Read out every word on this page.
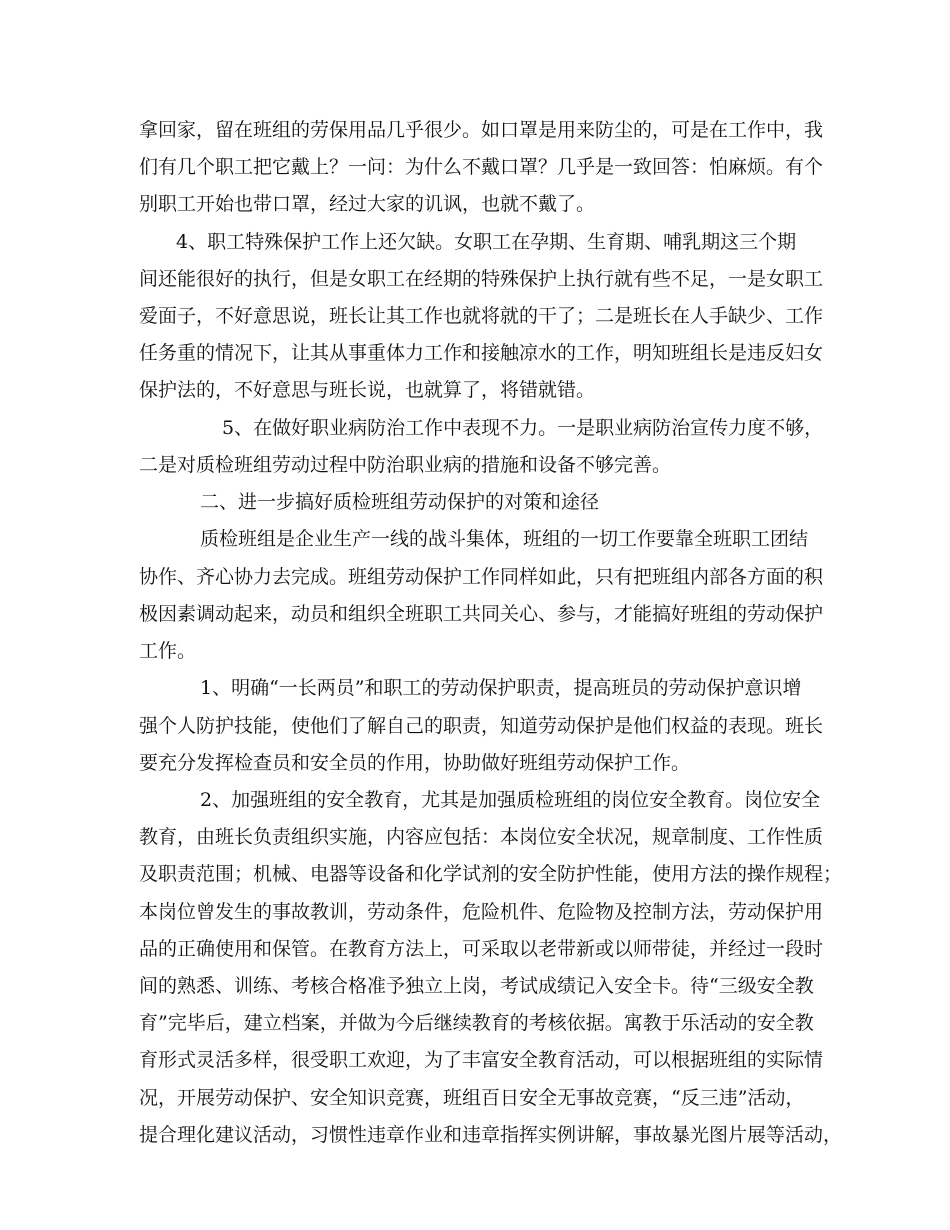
拿回家，留在班组的劳保用品几乎很少。如口罩是用来防尘的，可是在工作中，我
们有几个职工把它戴上？一问：为什么不戴口罩？几乎是一致回答：怕麻烦。有个
别职工开始也带口罩，经过大家的讥讽，也就不戴了。
4、职工特殊保护工作上还欠缺。女职工在孕期、生育期、哺乳期这三个期
间还能很好的执行，但是女职工在经期的特殊保护上执行就有些不足，一是女职工
爱面子，不好意思说，班长让其工作也就将就的干了；二是班长在人手缺少、工作
任务重的情况下，让其从事重体力工作和接触凉水的工作，明知班组长是违反妇女
保护法的，不好意思与班长说，也就算了，将错就错。
5、在做好职业病防治工作中表现不力。一是职业病防治宣传力度不够，
二是对质检班组劳动过程中防治职业病的措施和设备不够完善。
二、进一步搞好质检班组劳动保护的对策和途径
质检班组是企业生产一线的战斗集体，班组的一切工作要靠全班职工团结
协作、齐心协力去完成。班组劳动保护工作同样如此，只有把班组内部各方面的积
极因素调动起来，动员和组织全班职工共同关心、参与，才能搞好班组的劳动保护
工作。
1、明确“一长两员”和职工的劳动保护职责，提高班员的劳动保护意识增
强个人防护技能，使他们了解自己的职责，知道劳动保护是他们权益的表现。班长
要充分发挥检查员和安全员的作用，协助做好班组劳动保护工作。
2、加强班组的安全教育，尤其是加强质检班组的岗位安全教育。岗位安全
教育，由班长负责组织实施，内容应包括：本岗位安全状况，规章制度、工作性质
及职责范围；机械、电器等设备和化学试剂的安全防护性能，使用方法的操作规程；
本岗位曾发生的事故教训，劳动条件，危险机件、危险物及控制方法，劳动保护用
品的正确使用和保管。在教育方法上，可采取以老带新或以师带徒，并经过一段时
间的熟悉、训练、考核合格准予独立上岗，考试成绩记入安全卡。待“三级安全教
育”完毕后，建立档案，并做为今后继续教育的考核依据。寓教于乐活动的安全教
育形式灵活多样，很受职工欢迎，为了丰富安全教育活动，可以根据班组的实际情
况，开展劳动保护、安全知识竞赛，班组百日安全无事故竞赛，“反三违”活动，
提合理化建议活动，习惯性违章作业和违章指挥实例讲解，事故暴光图片展等活动，
